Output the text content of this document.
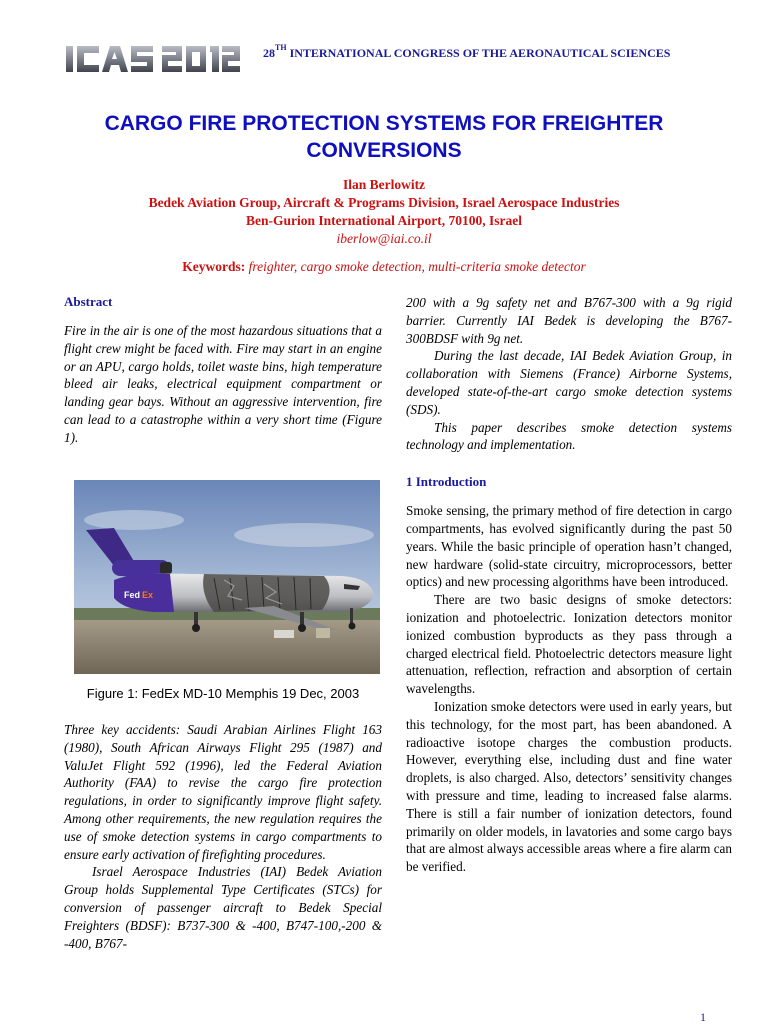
28TH INTERNATIONAL CONGRESS OF THE AERONAUTICAL SCIENCES
CARGO FIRE PROTECTION SYSTEMS FOR FREIGHTER
CONVERSIONS
Ilan Berlowitz
Bedek Aviation Group, Aircraft & Programs Division, Israel Aerospace Industries
Ben-Gurion International Airport, 70100, Israel
iberlow@iai.co.il
Keywords: freighter, cargo smoke detection, multi-criteria smoke detector
Abstract

Fire in the air is one of the most hazardous situations that a flight crew might be faced with. Fire may start in an engine or an APU, cargo holds, toilet waste bins, high temperature bleed air leaks, electrical equipment compartment or landing gear bays. Without an aggressive intervention, fire can lead to a catastrophe within a very short time (Figure 1).

Fed Ex
Figure 1: FedEx MD-10 Memphis 19 Dec, 2003

Three key accidents: Saudi Arabian Airlines Flight 163 (1980), South African Airways Flight 295 (1987) and ValuJet Flight 592 (1996), led the Federal Aviation Authority (FAA) to revise the cargo fire protection regulations, in order to significantly improve flight safety. Among other requirements, the new regulation requires the use of smoke detection systems in cargo compartments to ensure early activation of firefighting procedures.

Israel Aerospace Industries (IAI) Bedek Aviation Group holds Supplemental Type Certificates (STCs) for conversion of passenger aircraft to Bedek Special Freighters (BDSF): B737-300 & -400, B747-100,-200 & -400, B767-

200 with a 9g safety net and B767-300 with a 9g rigid barrier. Currently IAI Bedek is developing the B767-300BDSF with 9g net.

During the last decade, IAI Bedek Aviation Group, in collaboration with Siemens (France) Airborne Systems, developed state-of-the-art cargo smoke detection systems (SDS).

This paper describes smoke detection systems technology and implementation.

1 Introduction

Smoke sensing, the primary method of fire detection in cargo compartments, has evolved significantly during the past 50 years. While the basic principle of operation hasn’t changed, new hardware (solid-state circuitry, microprocessors, better optics) and new processing algorithms have been introduced.

There are two basic designs of smoke detectors: ionization and photoelectric. Ionization detectors monitor ionized combustion byproducts as they pass through a charged electrical field. Photoelectric detectors measure light attenuation, reflection, refraction and absorption of certain wavelengths.

Ionization smoke detectors were used in early years, but this technology, for the most part, has been abandoned. A radioactive isotope charges the combustion products. However, everything else, including dust and fine water droplets, is also charged. Also, detectors’ sensitivity changes with pressure and time, leading to increased false alarms. There is still a fair number of ionization detectors, found primarily on older models, in lavatories and some cargo bays that are almost always accessible areas where a fire alarm can be verified.

1
